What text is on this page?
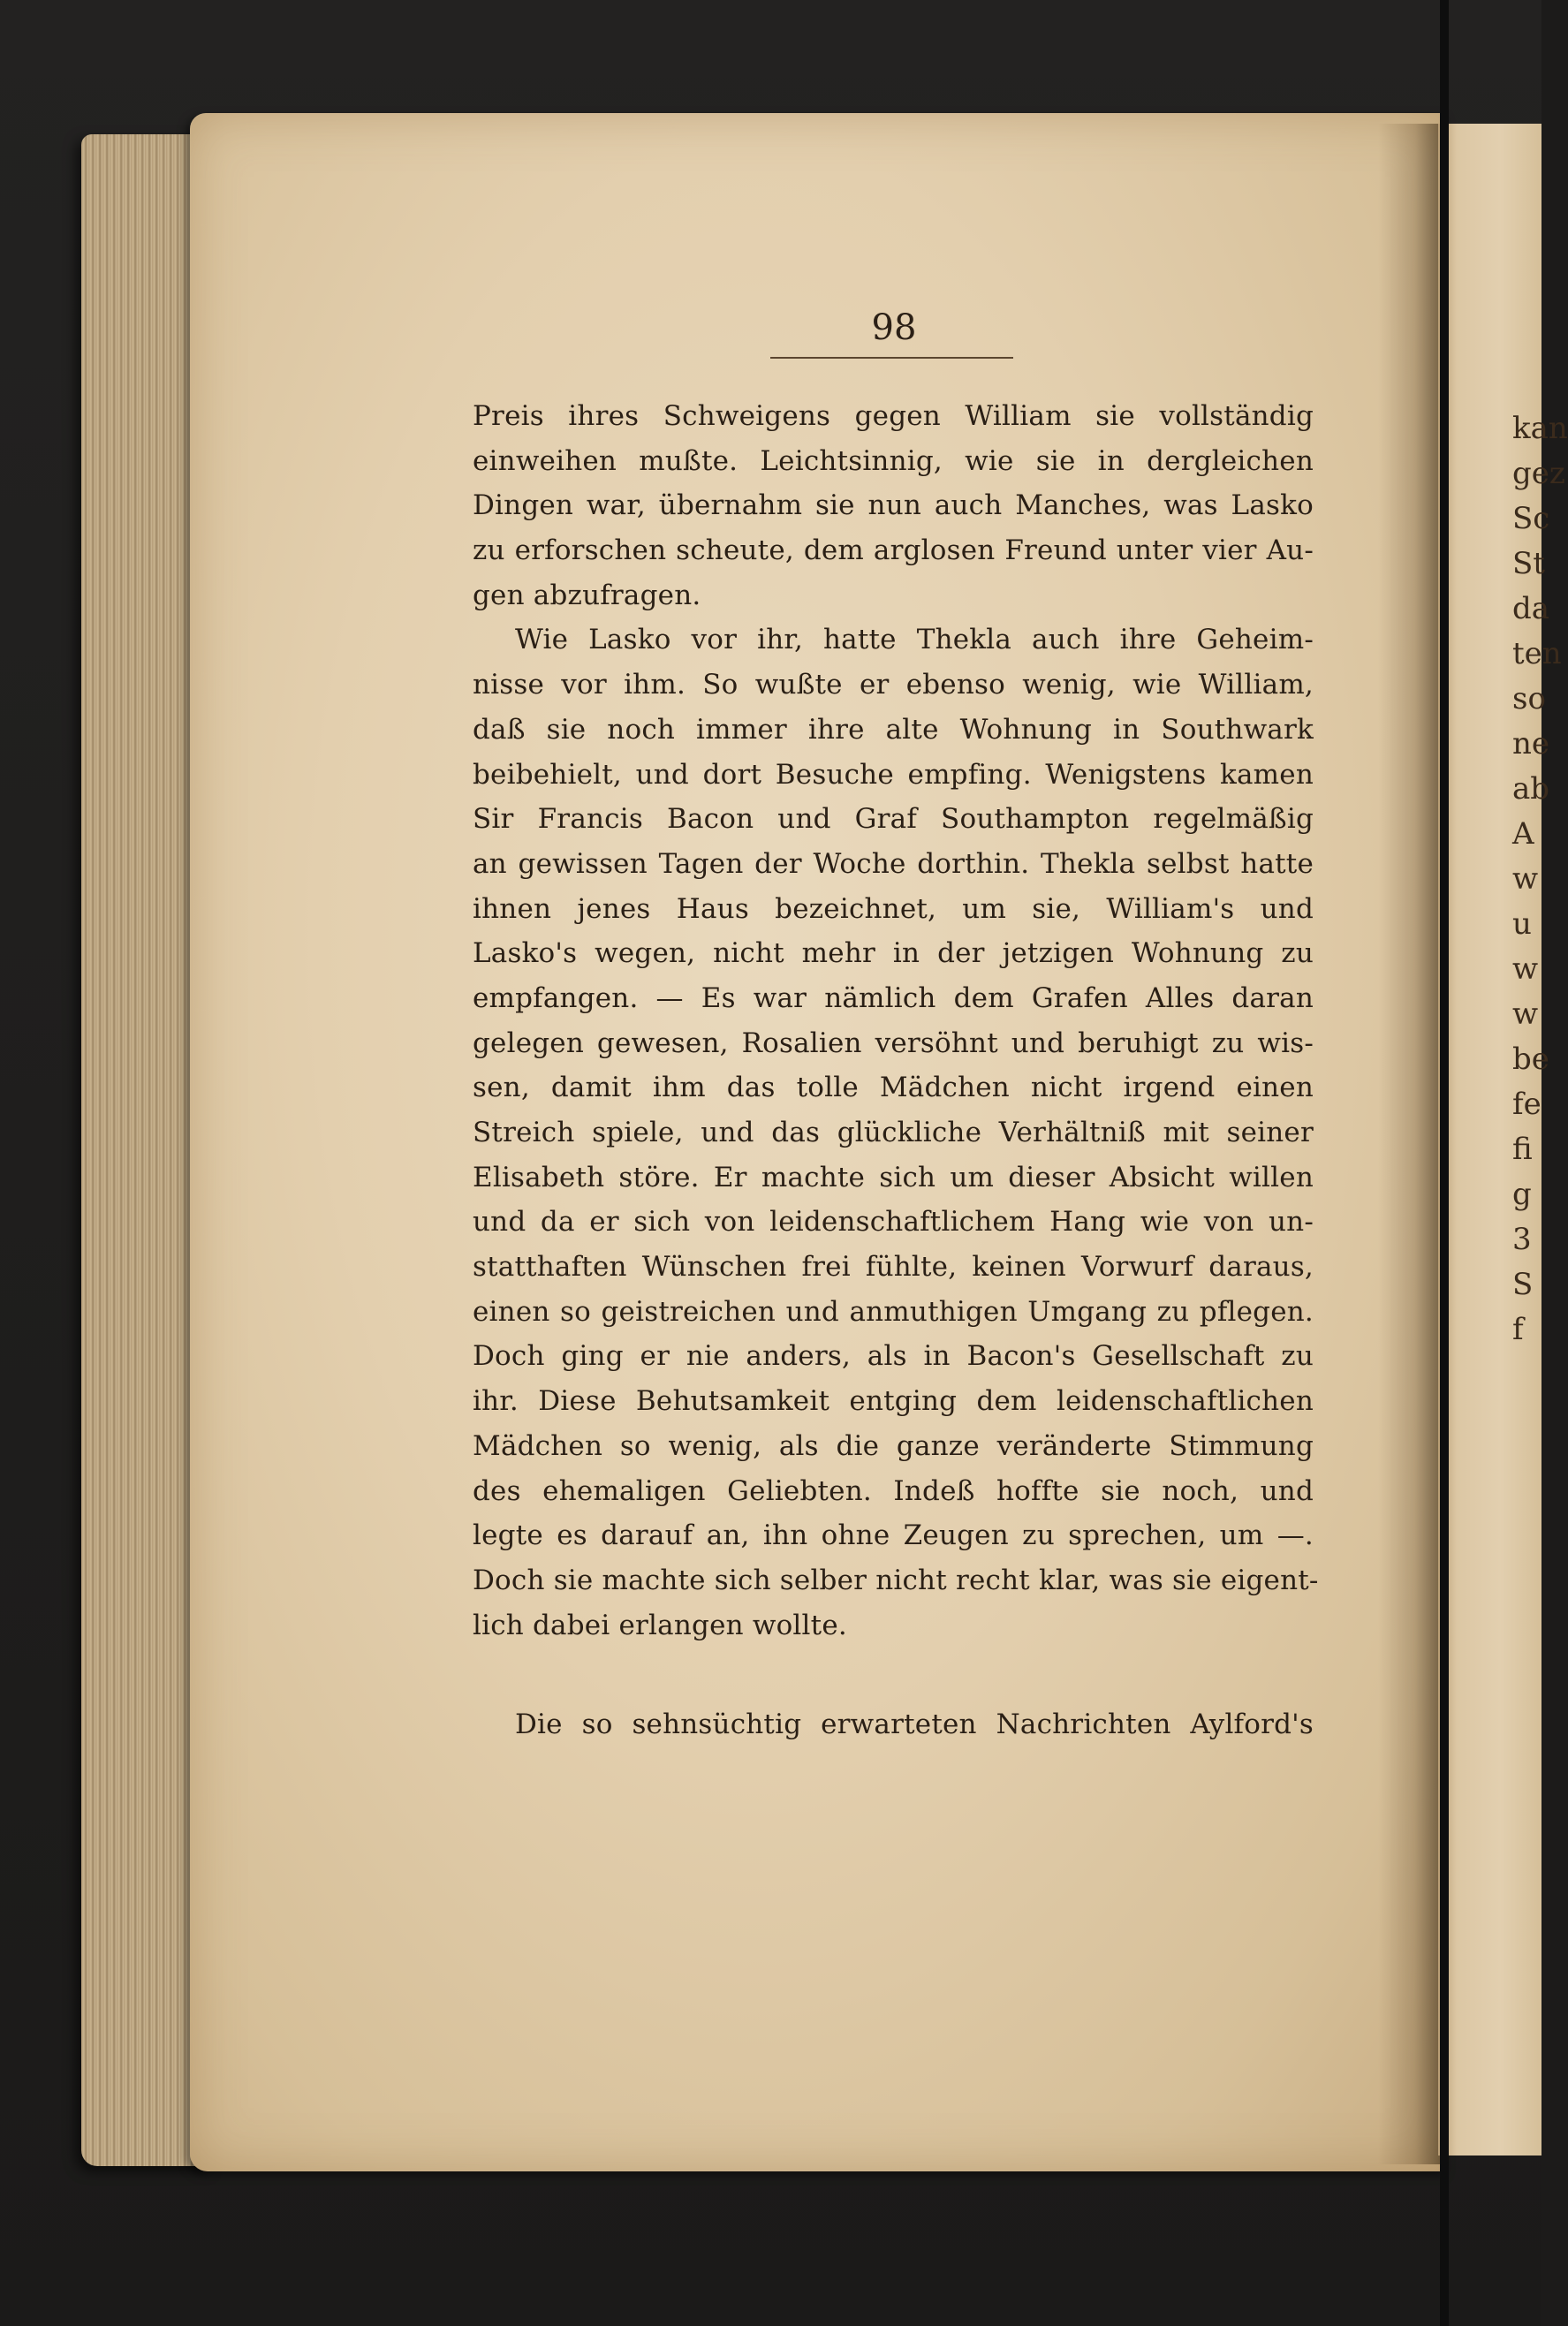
kan
gez
Sc
St
da
ten
so
ne
ab
A
w
u
w
w
be
fe
fi
g
3
S
f
98
Preis ihres Schweigens gegen William sie vollständig
einweihen mußte. Leichtsinnig, wie sie in dergleichen
Dingen war, übernahm sie nun auch Manches, was Lasko
zu erforschen scheute, dem arglosen Freund unter vier Au-
gen abzufragen.
Wie Lasko vor ihr, hatte Thekla auch ihre Geheim-
nisse vor ihm. So wußte er ebenso wenig, wie William,
daß sie noch immer ihre alte Wohnung in Southwark
beibehielt, und dort Besuche empfing. Wenigstens kamen
Sir Francis Bacon und Graf Southampton regelmäßig
an gewissen Tagen der Woche dorthin. Thekla selbst hatte
ihnen jenes Haus bezeichnet, um sie, William's und
Lasko's wegen, nicht mehr in der jetzigen Wohnung zu
empfangen. — Es war nämlich dem Grafen Alles daran
gelegen gewesen, Rosalien versöhnt und beruhigt zu wis-
sen, damit ihm das tolle Mädchen nicht irgend einen
Streich spiele, und das glückliche Verhältniß mit seiner
Elisabeth störe. Er machte sich um dieser Absicht willen
und da er sich von leidenschaftlichem Hang wie von un-
statthaften Wünschen frei fühlte, keinen Vorwurf daraus,
einen so geistreichen und anmuthigen Umgang zu pflegen.
Doch ging er nie anders, als in Bacon's Gesellschaft zu
ihr. Diese Behutsamkeit entging dem leidenschaftlichen
Mädchen so wenig, als die ganze veränderte Stimmung
des ehemaligen Geliebten. Indeß hoffte sie noch, und
legte es darauf an, ihn ohne Zeugen zu sprechen, um —.
Doch sie machte sich selber nicht recht klar, was sie eigent-
lich dabei erlangen wollte.
Die so sehnsüchtig erwarteten Nachrichten Aylford's
